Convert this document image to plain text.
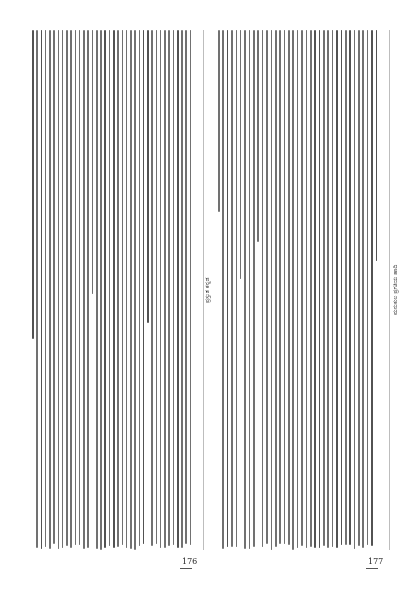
ಪ್ರಸ್ತುತ ಕನ್ನಡ
176
ಮನುಕುಲ ಪ್ರಗತಿಯ ಹಾದಿ
177
